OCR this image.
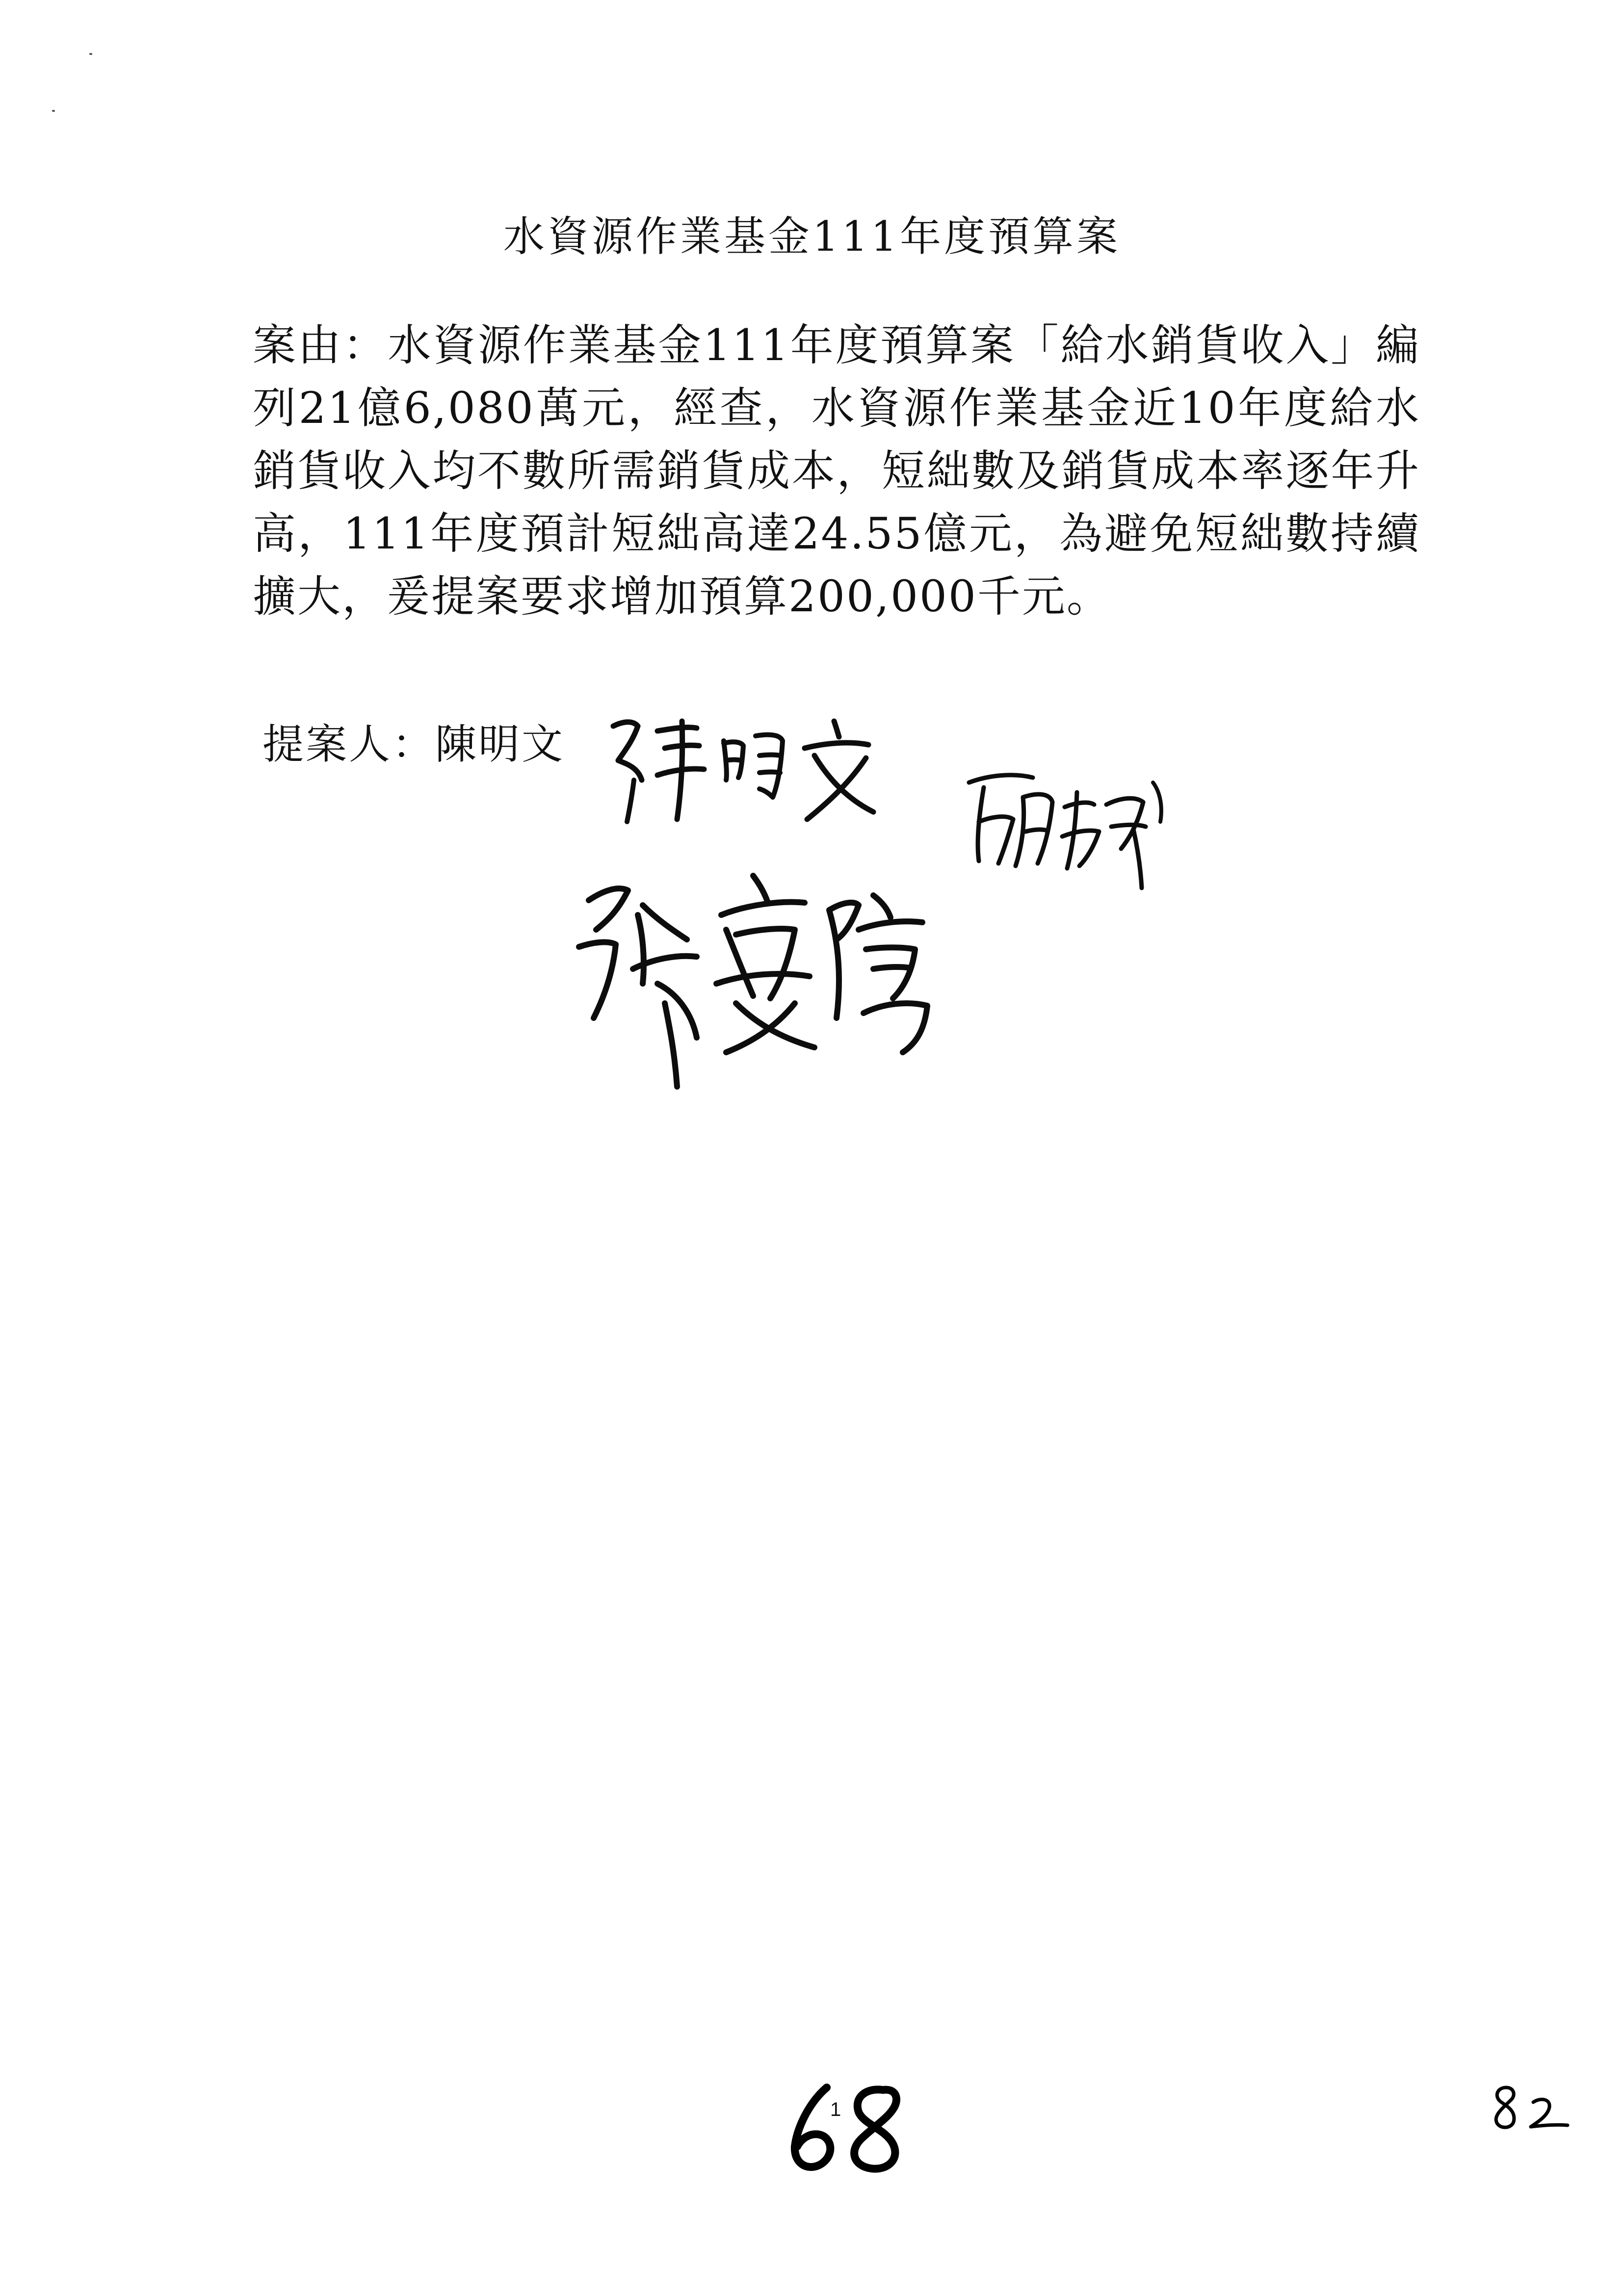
水資源作業基金111年度預算案
案由：水資源作業基金111年度預算案「給水銷貨收入」編列21億6,080萬元，經查，水資源作業基金近10年度給水銷貨收入均不數所需銷貨成本，短絀數及銷貨成本率逐年升高，111年度預計短絀高達24.55億元，為避免短絀數持續擴大，爰提案要求增加預算200,000千元。
提案人：陳明文
1
